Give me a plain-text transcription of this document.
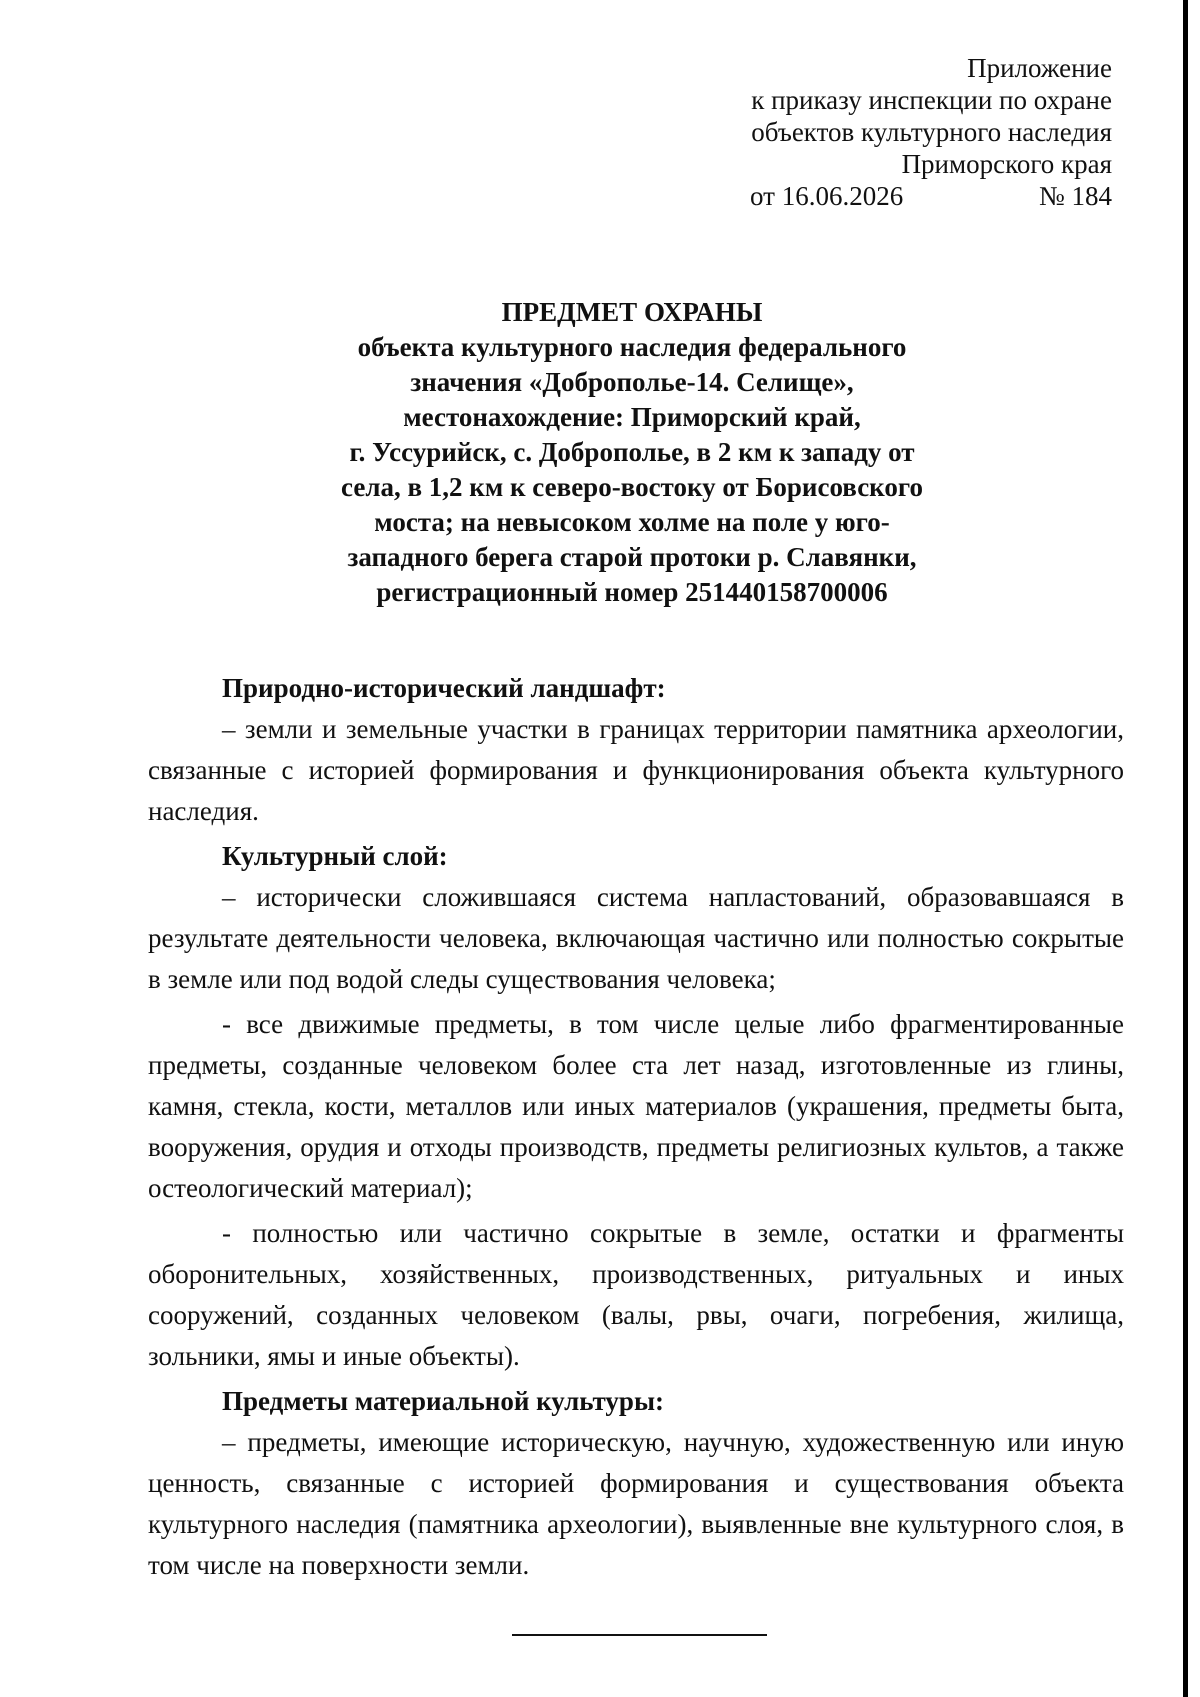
Приложение
к приказу инспекции по охране
объектов культурного наследия
Приморского края
от 16.06.2026	№ 184
ПРЕДМЕТ ОХРАНЫ
объекта культурного наследия федерального
значения «Доброполье-14. Селище»,
местонахождение: Приморский край,
г. Уссурийск, с. Доброполье, в 2 км к западу от
села, в 1,2 км к северо-востоку от Борисовского
моста; на невысоком холме на поле у юго-
западного берега старой протоки р. Славянки,
регистрационный номер 251440158700006

Природно-исторический ландшафт:

– земли и земельные участки в границах территории памятника археологии, связанные с историей формирования и функционирования объекта культурного наследия.

Культурный слой:

– исторически сложившаяся система напластований, образовавшаяся в результате деятельности человека, включающая частично или полностью сокрытые в земле или под водой следы существования человека;

- все движимые предметы, в том числе целые либо фрагментированные предметы, созданные человеком более ста лет назад, изготовленные из глины, камня, стекла, кости, металлов или иных материалов (украшения, предметы быта, вооружения, орудия и отходы производств, предметы религиозных культов, а также остеологический материал);

- полностью или частично сокрытые в земле, остатки и фрагменты оборонительных, хозяйственных, производственных, ритуальных и иных сооружений, созданных человеком (валы, рвы, очаги, погребения, жилища, зольники, ямы и иные объекты).

Предметы материальной культуры:

– предметы, имеющие историческую, научную, художественную или иную ценность, связанные с историей формирования и существования объекта культурного наследия (памятника археологии), выявленные вне культурного слоя, в том числе на поверхности земли.
